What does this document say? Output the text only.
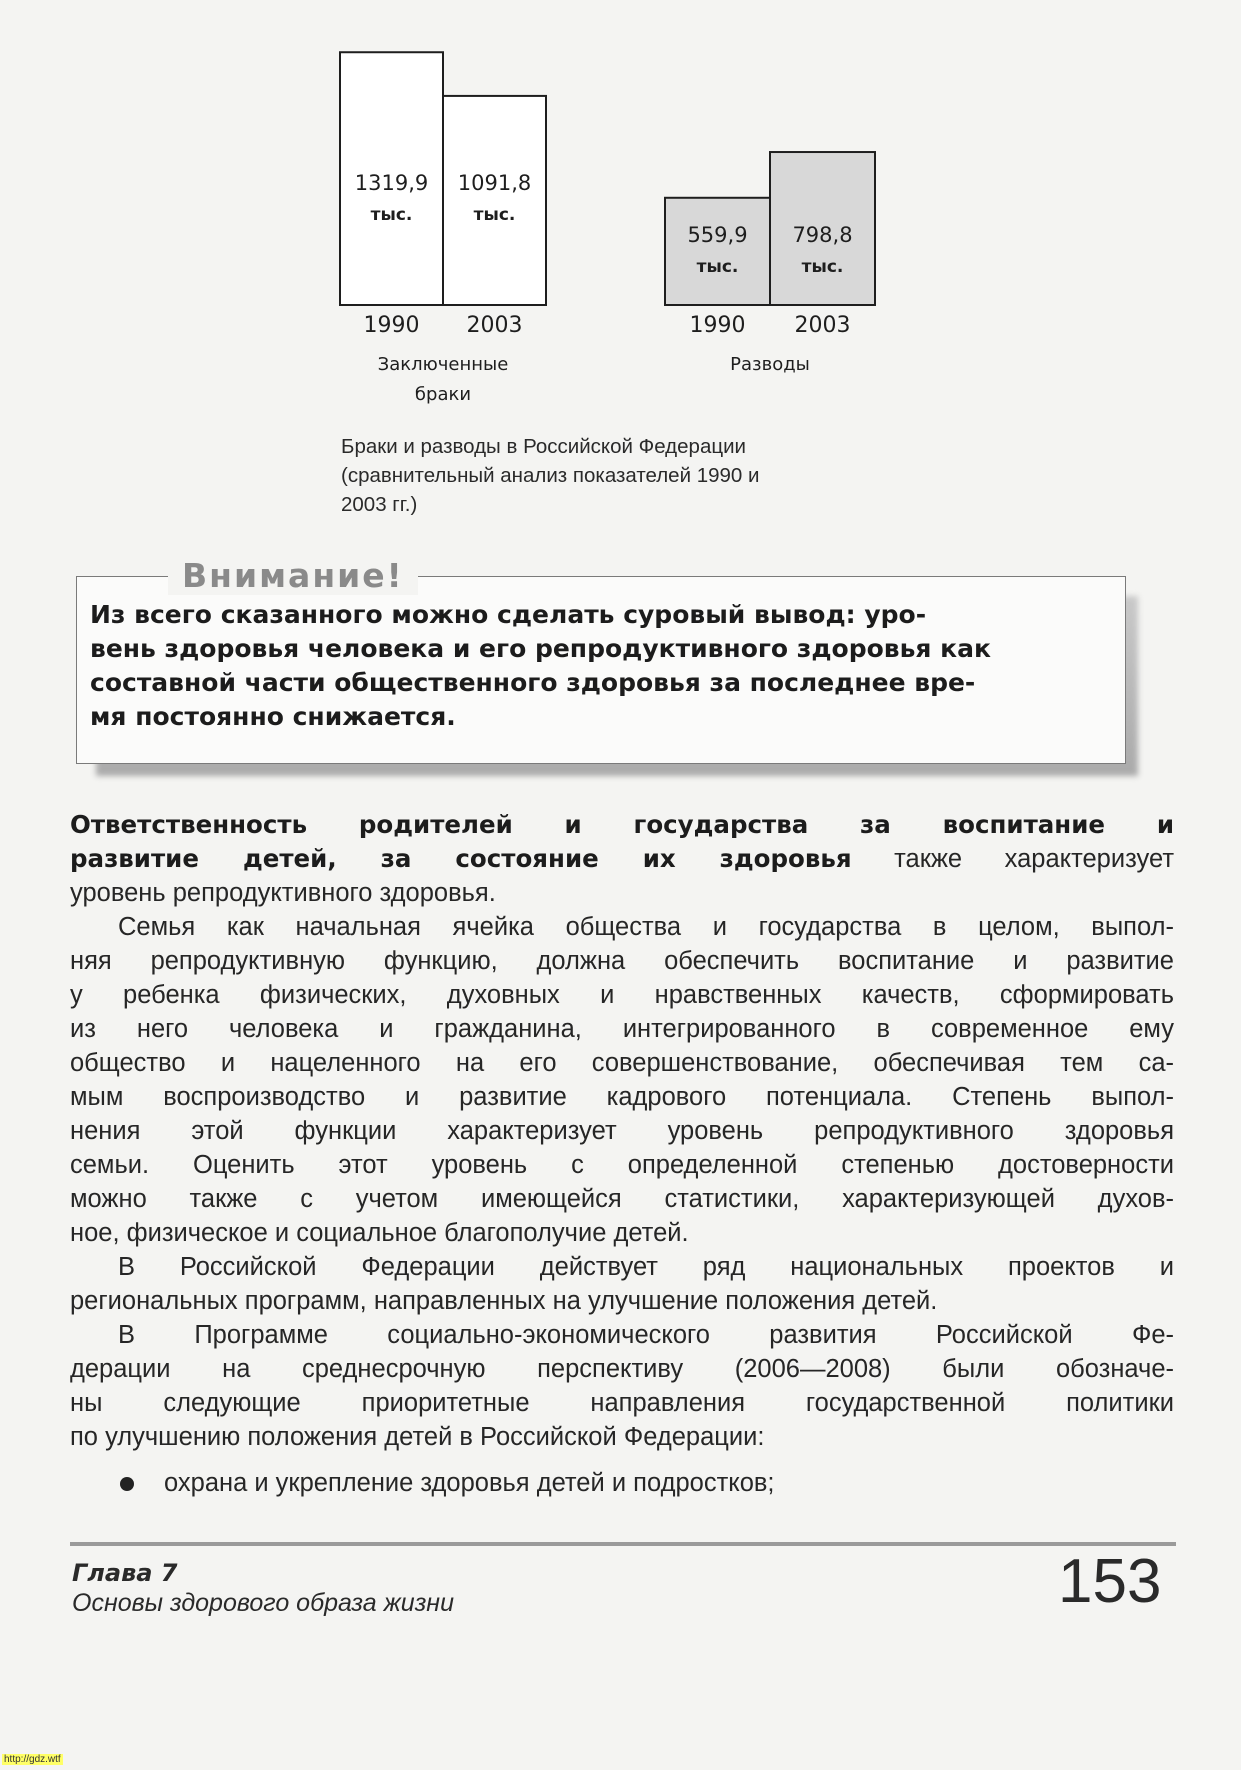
1319,9
тыс.
1990
1091,8
тыс.
2003
Заключенные
браки
559,9
тыс.
1990
798,8
тыс.
2003
Разводы
Браки и разводы в Российской Федерации
(сравнительный анализ показателей 1990 и
2003 гг.)
Внимание!
Из всего сказанного можно сделать суровый вывод: уро-
вень здоровья человека и его репродуктивного здоровья как
составной части общественного здоровья за последнее вре-
мя постоянно снижается.
Ответственность родителей и государства за воспитание и
развитие детей, за состояние их здоровья также характеризует
уровень репродуктивного здоровья.
Семья как начальная ячейка общества и государства в целом, выпол-
няя репродуктивную функцию, должна обеспечить воспитание и развитие
у ребенка физических, духовных и нравственных качеств, сформировать
из него человека и гражданина, интегрированного в современное ему
общество и нацеленного на его совершенствование, обеспечивая тем са-
мым воспроизводство и развитие кадрового потенциала. Степень выпол-
нения этой функции характеризует уровень репродуктивного здоровья
семьи. Оценить этот уровень с определенной степенью достоверности
можно также с учетом имеющейся статистики, характеризующей духов-
ное, физическое и социальное благополучие детей.
В Российской Федерации действует ряд национальных проектов и
региональных программ, направленных на улучшение положения детей.
В Программе социально-экономического развития Российской Фе-
дерации на среднесрочную перспективу (2006—2008) были обозначе-
ны следующие приоритетные направления государственной политики
по улучшению положения детей в Российской Федерации:
охрана и укрепление здоровья детей и подростков;
Глава 7
Основы здорового образа жизни	153
http://gdz.wtf
